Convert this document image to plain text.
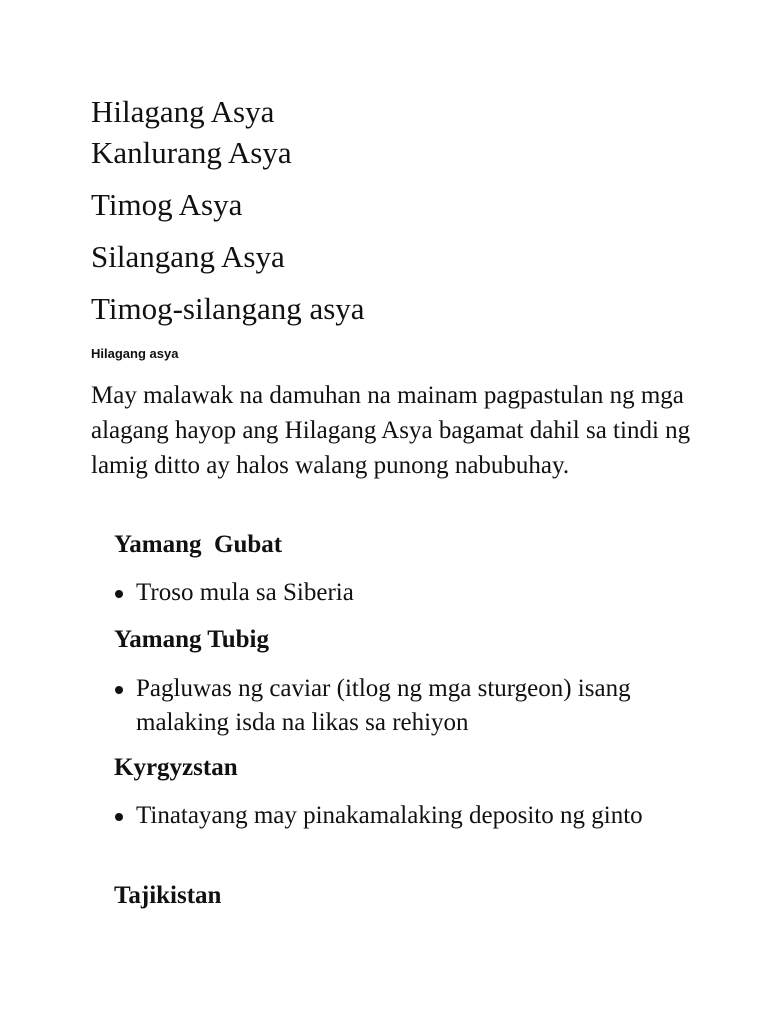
Hilagang Asya
Kanlurang Asya
Timog Asya
Silangang Asya
Timog-silangang asya

Hilagang asya

May malawak na damuhan na mainam pagpastulan ng mga alagang hayop ang Hilagang Asya bagamat dahil sa tindi ng lamig ditto ay halos walang punong nabubuhay.

Yamang  Gubat

Troso mula sa Siberia

Yamang Tubig

Pagluwas ng caviar (itlog ng mga sturgeon) isang malaking isda na likas sa rehiyon

Kyrgyzstan

Tinatayang may pinakamalaking deposito ng ginto

Tajikistan
